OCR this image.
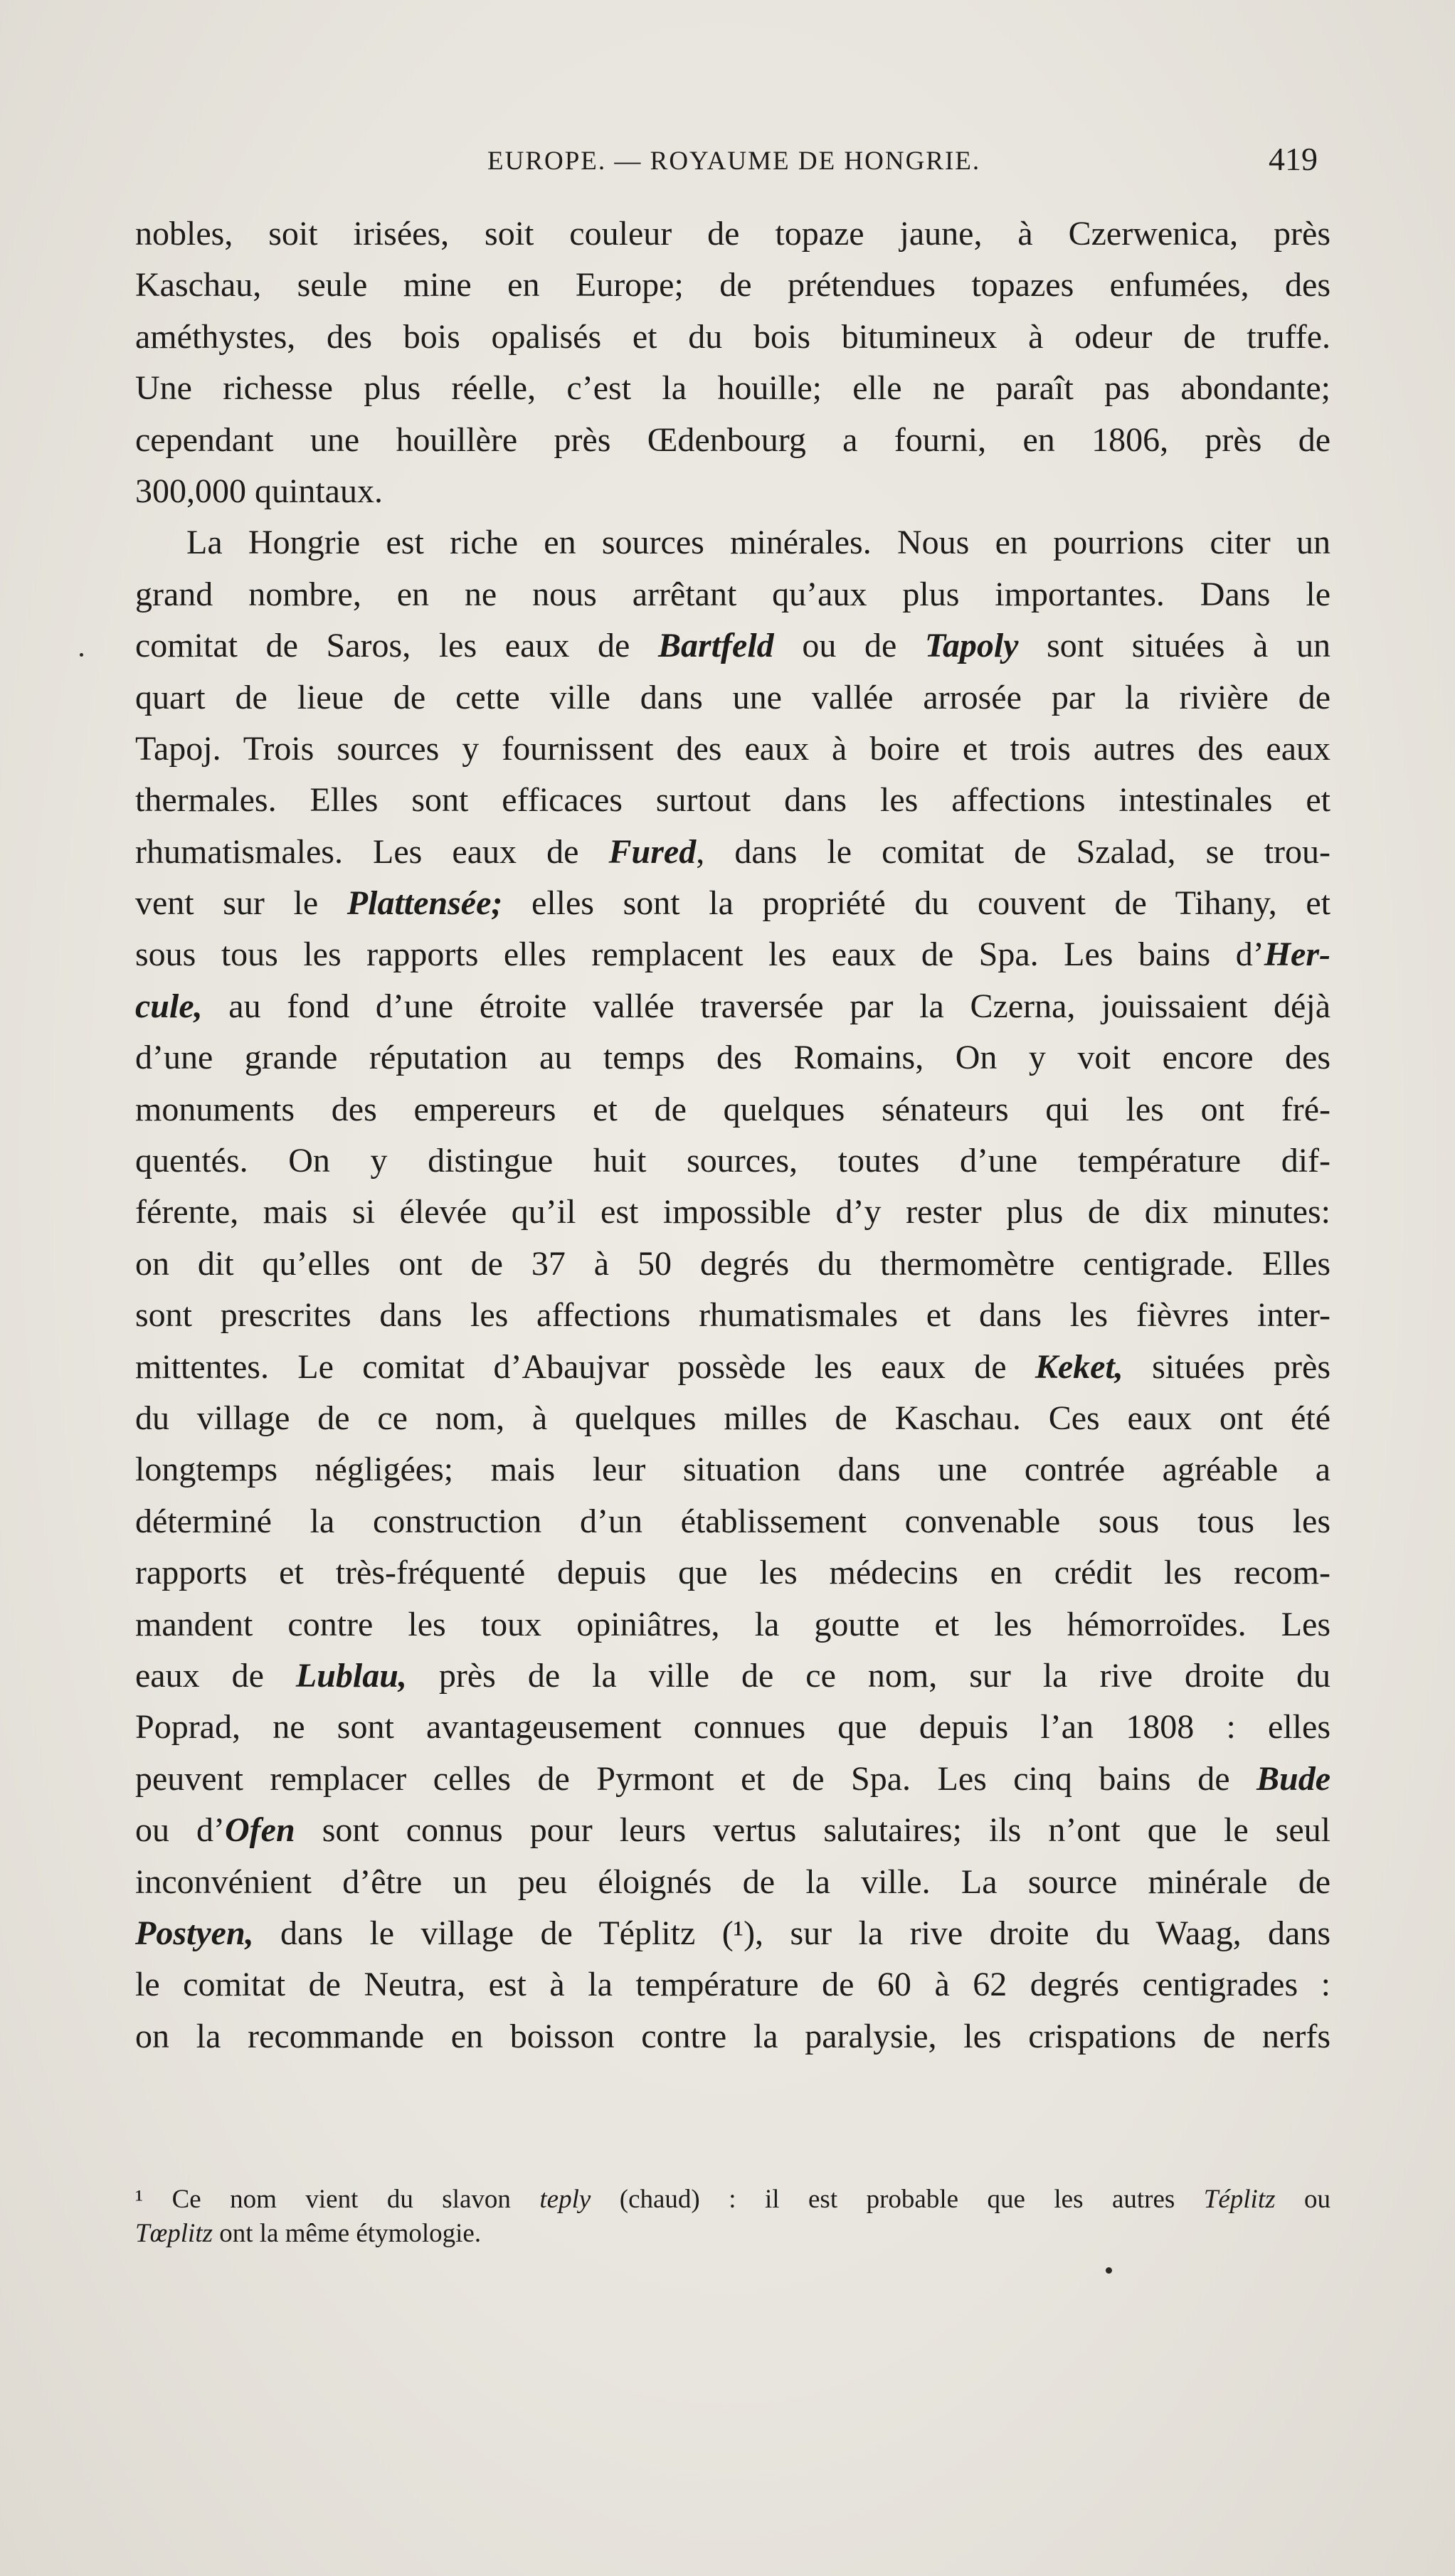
EUROPE. — ROYAUME DE HONGRIE.	419
nobles, soit irisées, soit couleur de topaze jaune, à Czerwenica, près
Kaschau, seule mine en Europe; de prétendues topazes enfumées, des
améthystes, des bois opalisés et du bois bitumineux à odeur de truffe.
Une richesse plus réelle, c’est la houille; elle ne paraît pas abondante;
cependant une houillère près Œdenbourg a fourni, en 1806, près de
300,000 quintaux.
La Hongrie est riche en sources minérales. Nous en pourrions citer un
grand nombre, en ne nous arrêtant qu’aux plus importantes. Dans le
comitat de Saros, les eaux de Bartfeld ou de Tapoly sont situées à un
quart de lieue de cette ville dans une vallée arrosée par la rivière de
Tapoj. Trois sources y fournissent des eaux à boire et trois autres des eaux
thermales. Elles sont efficaces surtout dans les affections intestinales et
rhumatismales. Les eaux de Fured, dans le comitat de Szalad, se trou-
vent sur le Plattensée; elles sont la propriété du couvent de Tihany, et
sous tous les rapports elles remplacent les eaux de Spa. Les bains d’Her-
cule, au fond d’une étroite vallée traversée par la Czerna, jouissaient déjà
d’une grande réputation au temps des Romains, On y voit encore des
monuments des empereurs et de quelques sénateurs qui les ont fré-
quentés. On y distingue huit sources, toutes d’une température dif-
férente, mais si élevée qu’il est impossible d’y rester plus de dix minutes:
on dit qu’elles ont de 37 à 50 degrés du thermomètre centigrade. Elles
sont prescrites dans les affections rhumatismales et dans les fièvres inter-
mittentes. Le comitat d’Abaujvar possède les eaux de Keket, situées près
du village de ce nom, à quelques milles de Kaschau. Ces eaux ont été
longtemps négligées; mais leur situation dans une contrée agréable a
déterminé la construction d’un établissement convenable sous tous les
rapports et très-fréquenté depuis que les médecins en crédit les recom-
mandent contre les toux opiniâtres, la goutte et les hémorroïdes. Les
eaux de Lublau, près de la ville de ce nom, sur la rive droite du
Poprad, ne sont avantageusement connues que depuis l’an 1808 : elles
peuvent remplacer celles de Pyrmont et de Spa. Les cinq bains de Bude
ou d’Ofen sont connus pour leurs vertus salutaires; ils n’ont que le seul
inconvénient d’être un peu éloignés de la ville. La source minérale de
Postyen, dans le village de Téplitz (¹), sur la rive droite du Waag, dans
le comitat de Neutra, est à la température de 60 à 62 degrés centigrades :
on la recommande en boisson contre la paralysie, les crispations de nerfs
¹ Ce nom vient du slavon teply (chaud) : il est probable que les autres Téplitz ou
Tœplitz ont la même étymologie.
